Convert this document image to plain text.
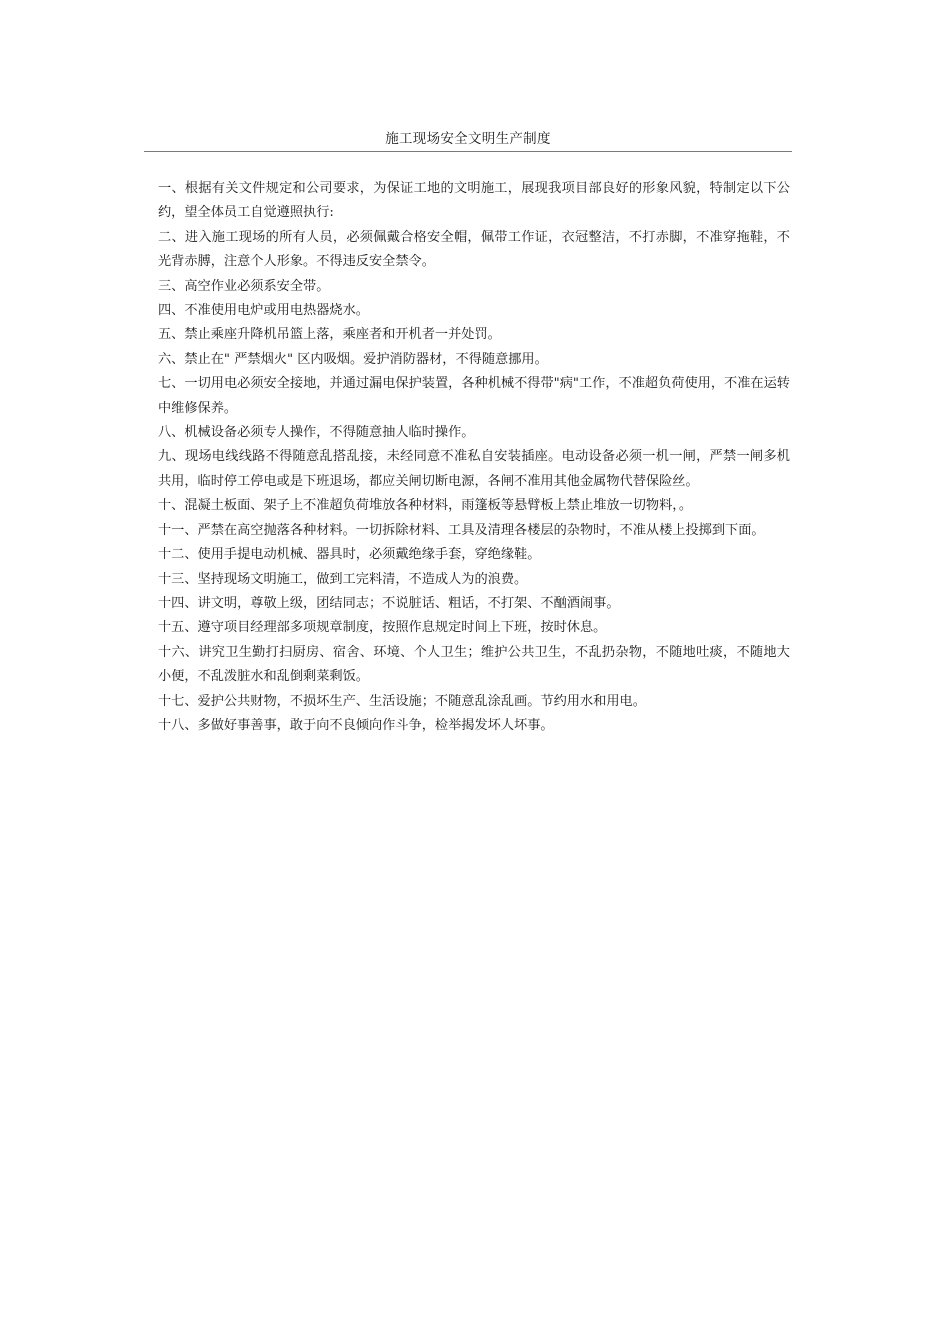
施工现场安全文明生产制度

一、根据有关文件规定和公司要求，为保证工地的文明施工，展现我项目部良好的形象风貌，特制定以下公约，望全体员工自觉遵照执行:

二、进入施工现场的所有人员，必须佩戴合格安全帽，佩带工作证，衣冠整洁，不打赤脚，不准穿拖鞋，不光背赤膊，注意个人形象。不得违反安全禁令。

三、高空作业必须系安全带。

四、不准使用电炉或用电热器烧水。

五、禁止乘座升降机吊篮上落，乘座者和开机者一并处罚。

六、禁止在" 严禁烟火" 区内吸烟。爱护消防器材，不得随意挪用。

七、一切用电必须安全接地，并通过漏电保护装置，各种机械不得带"病"工作，不准超负荷使用，不准在运转中维修保养。

八、机械设备必须专人操作，不得随意抽人临时操作。

九、现场电线线路不得随意乱搭乱接，未经同意不准私自安装插座。电动设备必须一机一闸，严禁一闸多机共用，临时停工停电或是下班退场，都应关闸切断电源，各闸不准用其他金属物代替保险丝。

十、混凝土板面、架子上不准超负荷堆放各种材料，雨篷板等悬臂板上禁止堆放一切物料，。

十一、严禁在高空抛落各种材料。一切拆除材料、工具及清理各楼层的杂物时，不准从楼上投掷到下面。

十二、使用手提电动机械、器具时，必须戴绝缘手套，穿绝缘鞋。

十三、坚持现场文明施工，做到工完料清，不造成人为的浪费。

十四、讲文明，尊敬上级，团结同志；不说脏话、粗话，不打架、不酗酒闹事。

十五、遵守项目经理部多项规章制度，按照作息规定时间上下班，按时休息。

十六、讲究卫生勤打扫厨房、宿舍、环境、个人卫生；维护公共卫生，不乱扔杂物，不随地吐痰，不随地大小便，不乱泼脏水和乱倒剩菜剩饭。

十七、爱护公共财物，不损坏生产、生活设施；不随意乱涂乱画。节约用水和用电。

十八、多做好事善事，敢于向不良倾向作斗争，检举揭发坏人坏事。
